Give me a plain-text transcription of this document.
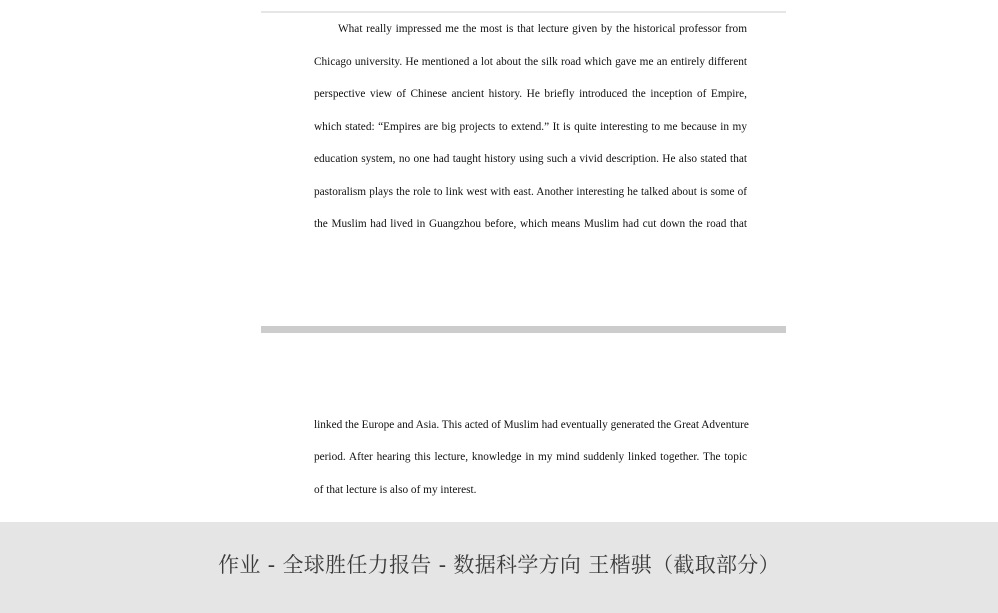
What really impressed me the most is that lecture given by the historical professor from
Chicago university. He mentioned a lot about the silk road which gave me an entirely different
perspective view of Chinese ancient history. He briefly introduced the inception of Empire,
which stated: “Empires are big projects to extend.” It is quite interesting to me because in my
education system, no one had taught history using such a vivid description. He also stated that
pastoralism plays the role to link west with east. Another interesting he talked about is some of
the Muslim had lived in Guangzhou before, which means Muslim had cut down the road that
linked the Europe and Asia. This acted of Muslim had eventually generated the Great Adventure
period. After hearing this lecture, knowledge in my mind suddenly linked together. The topic
of that lecture is also of my interest.
作业 - 全球胜任力报告 - 数据科学方向 王楷骐（截取部分）
